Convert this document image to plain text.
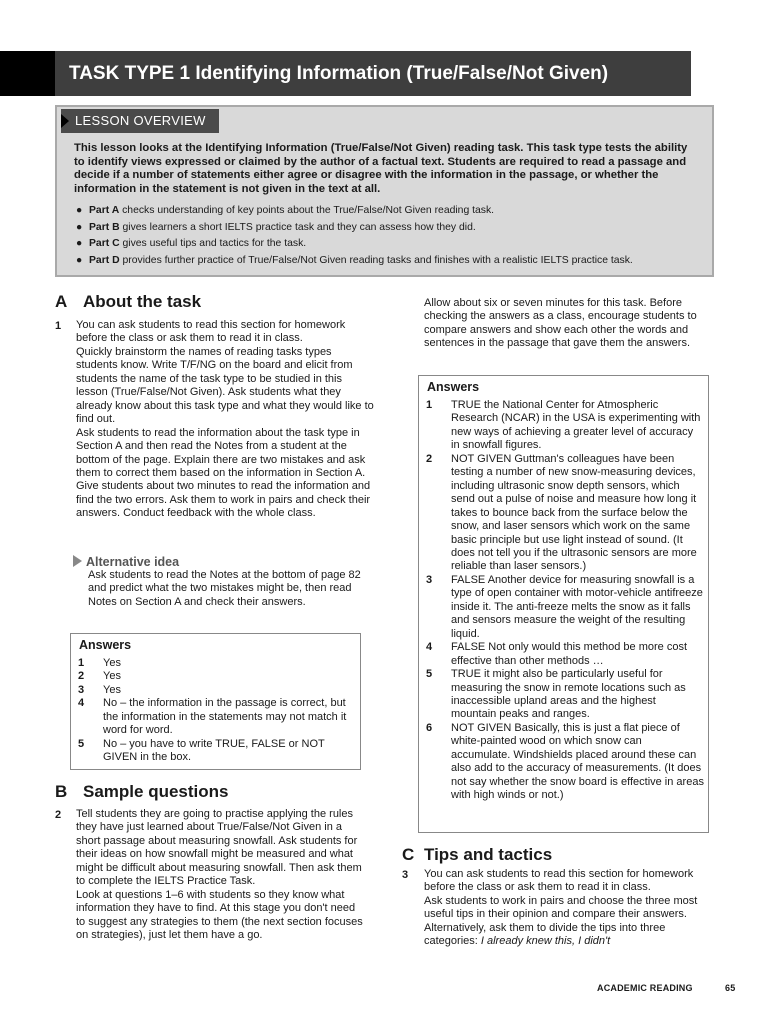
TASK TYPE 1 Identifying Information (True/False/Not Given)
LESSON OVERVIEW
This lesson looks at the Identifying Information (True/False/Not Given) reading task. This task type tests the ability to identify views expressed or claimed by the author of a factual text. Students are required to read a passage and decide if a number of statements either agree or disagree with the information in the passage, or whether the information in the statement is not given in the text at all.
● Part A checks understanding of key points about the True/False/Not Given reading task.
● Part B gives learners a short IELTS practice task and they can assess how they did.
● Part C gives useful tips and tactics for the task.
● Part D provides further practice of True/False/Not Given reading tasks and finishes with a realistic IELTS practice task.
A About the task
1 You can ask students to read this section for homework before the class or ask them to read it in class.
Quickly brainstorm the names of reading tasks types students know. Write T/F/NG on the board and elicit from students the name of the task type to be studied in this lesson (True/False/Not Given). Ask students what they already know about this task type and what they would like to find out.
Ask students to read the information about the task type in Section A and then read the Notes from a student at the bottom of the page. Explain there are two mistakes and ask them to correct them based on the information in Section A. Give students about two minutes to read the information and find the two errors. Ask them to work in pairs and check their answers. Conduct feedback with the whole class.
Alternative idea
Ask students to read the Notes at the bottom of page 82 and predict what the two mistakes might be, then read Notes on Section A and check their answers.
Answers
1 Yes
2 Yes
3 Yes
4 No – the information in the passage is correct, but the information in the statements may not match it word for word.
5 No – you have to write TRUE, FALSE or NOT GIVEN in the box.
B Sample questions
2 Tell students they are going to practise applying the rules they have just learned about True/False/Not Given in a short passage about measuring snowfall. Ask students for their ideas on how snowfall might be measured and what might be difficult about measuring snowfall. Then ask them to complete the IELTS Practice Task.
Look at questions 1–6 with students so they know what information they have to find. At this stage you don't need to suggest any strategies to them (the next section focuses on strategies), just let them have a go.
Allow about six or seven minutes for this task. Before checking the answers as a class, encourage students to compare answers and show each other the words and sentences in the passage that gave them the answers.
Answers
1 TRUE the National Center for Atmospheric Research (NCAR) in the USA is experimenting with new ways of achieving a greater level of accuracy in snowfall figures.
2 NOT GIVEN Guttman's colleagues have been testing a number of new snow-measuring devices, including ultrasonic snow depth sensors, which send out a pulse of noise and measure how long it takes to bounce back from the surface below the snow, and laser sensors which work on the same basic principle but use light instead of sound. (It does not tell you if the ultrasonic sensors are more reliable than laser sensors.)
3 FALSE Another device for measuring snowfall is a type of open container with motor-vehicle antifreeze inside it. The anti-freeze melts the snow as it falls and sensors measure the weight of the resulting liquid.
4 FALSE Not only would this method be more cost effective than other methods …
5 TRUE it might also be particularly useful for measuring the snow in remote locations such as inaccessible upland areas and the highest mountain peaks and ranges.
6 NOT GIVEN Basically, this is just a flat piece of white-painted wood on which snow can accumulate. Windshields placed around these can also add to the accuracy of measurements. (It does not say whether the snow board is effective in areas with high winds or not.)
C Tips and tactics
3 You can ask students to read this section for homework before the class or ask them to read it in class.
Ask students to work in pairs and choose the three most useful tips in their opinion and compare their answers. Alternatively, ask them to divide the tips into three categories: I already knew this, I didn't
ACADEMIC READING	65
